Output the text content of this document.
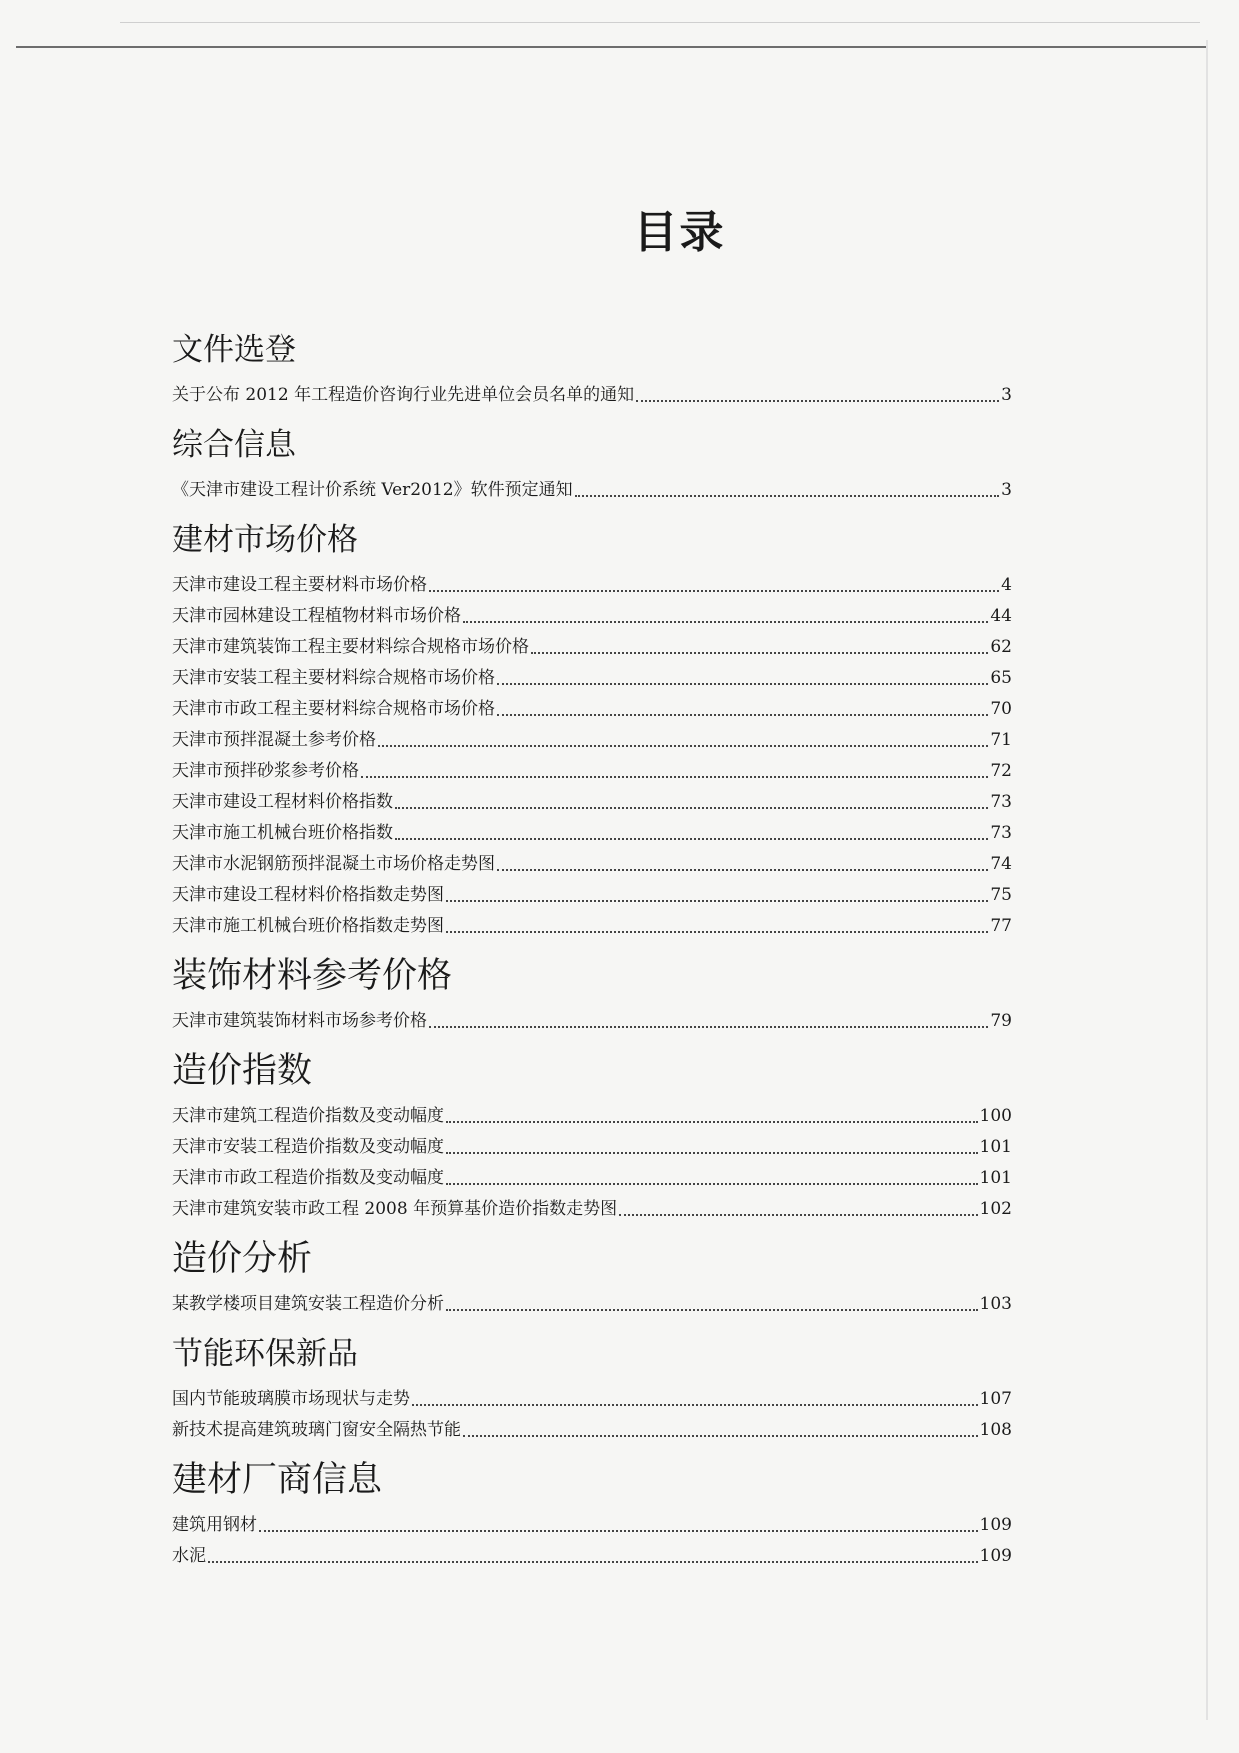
目录
文件选登
关于公布 2012 年工程造价咨询行业先进单位会员名单的通知	3
综合信息
《天津市建设工程计价系统 Ver2012》软件预定通知	3
建材市场价格
天津市建设工程主要材料市场价格	4
天津市园林建设工程植物材料市场价格	44
天津市建筑装饰工程主要材料综合规格市场价格	62
天津市安装工程主要材料综合规格市场价格	65
天津市市政工程主要材料综合规格市场价格	70
天津市预拌混凝土参考价格	71
天津市预拌砂浆参考价格	72
天津市建设工程材料价格指数	73
天津市施工机械台班价格指数	73
天津市水泥钢筋预拌混凝土市场价格走势图	74
天津市建设工程材料价格指数走势图	75
天津市施工机械台班价格指数走势图	77
装饰材料参考价格
天津市建筑装饰材料市场参考价格	79
造价指数
天津市建筑工程造价指数及变动幅度	100
天津市安装工程造价指数及变动幅度	101
天津市市政工程造价指数及变动幅度	101
天津市建筑安装市政工程 2008 年预算基价造价指数走势图	102
造价分析
某教学楼项目建筑安装工程造价分析	103
节能环保新品
国内节能玻璃膜市场现状与走势	107
新技术提高建筑玻璃门窗安全隔热节能	108
建材厂商信息
建筑用钢材	109
水泥	109
